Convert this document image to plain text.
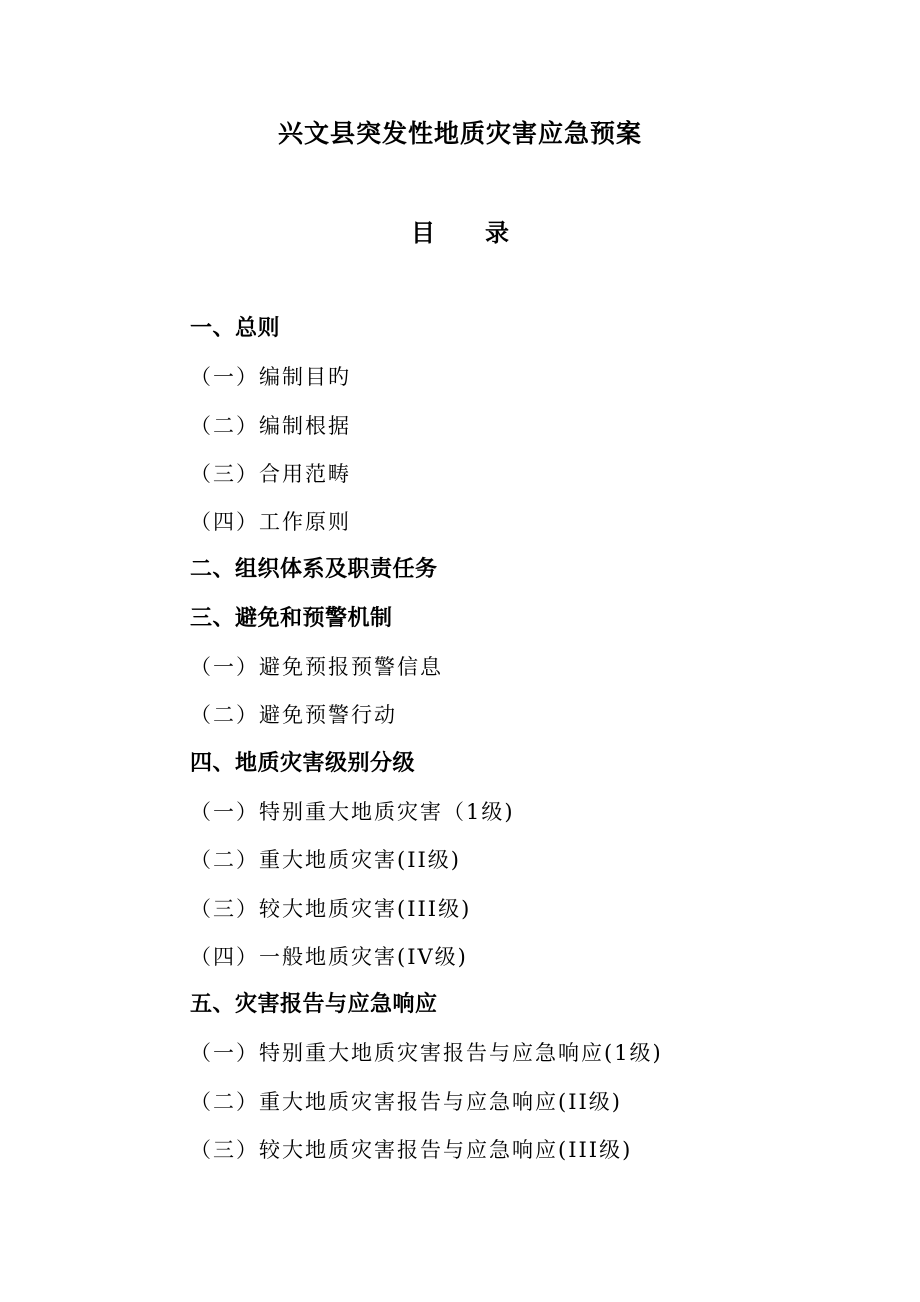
兴文县突发性地质灾害应急预案
目录
一、总则
（一）编制目旳
（二）编制根据
（三）合用范畴
（四）工作原则
二、组织体系及职责任务
三、避免和预警机制
（一）避免预报预警信息
（二）避免预警行动
四、地质灾害级别分级
（一）特别重大地质灾害（1级)
（二）重大地质灾害(II级)
（三）较大地质灾害(III级)
（四）一般地质灾害(IV级)
五、灾害报告与应急响应
（一）特别重大地质灾害报告与应急响应(1级)
（二）重大地质灾害报告与应急响应(II级)
（三）较大地质灾害报告与应急响应(III级)
